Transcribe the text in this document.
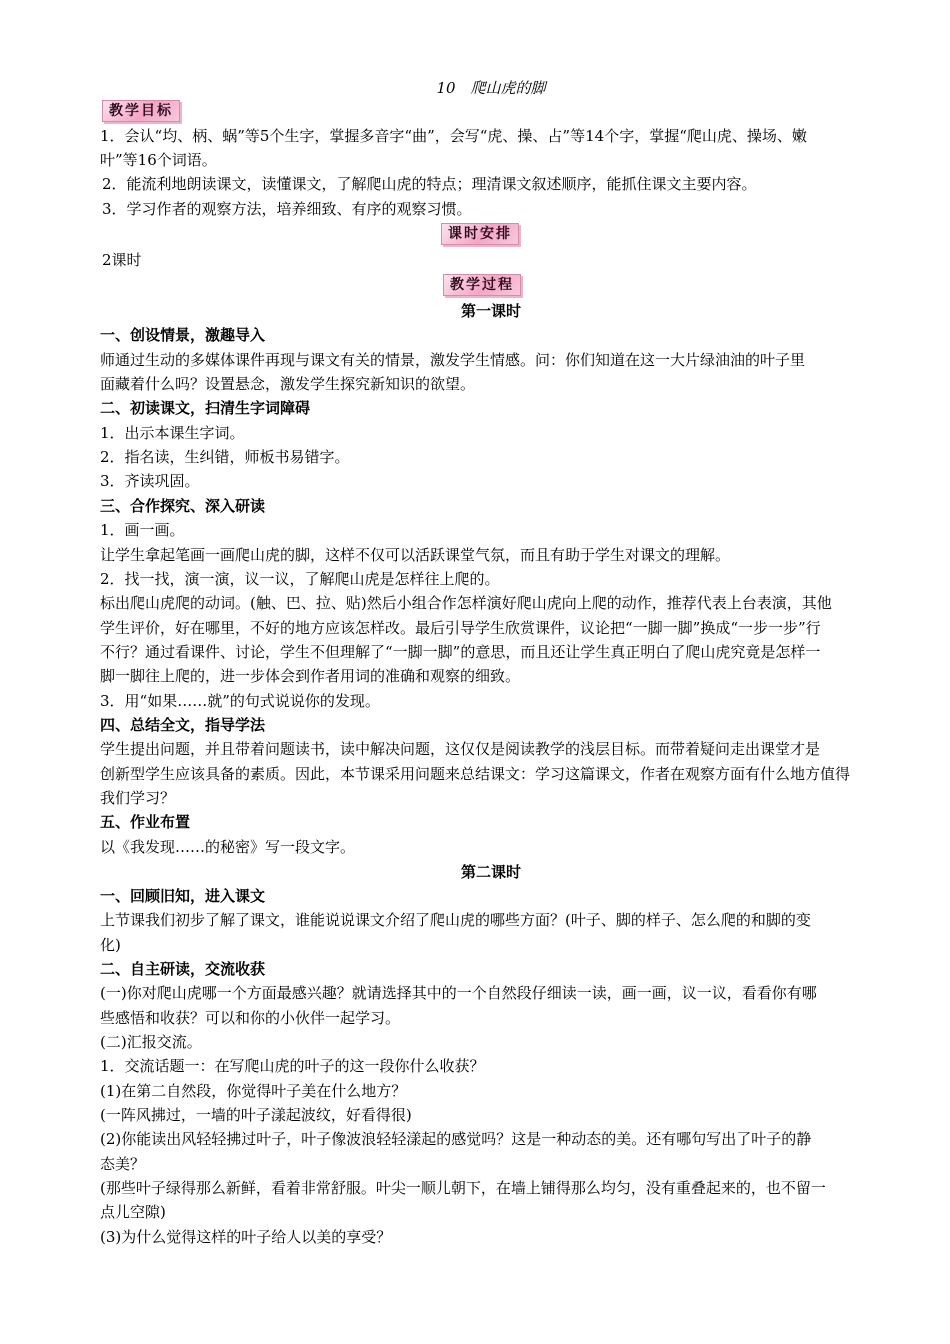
10　爬山虎的脚
教学目标
1．会认“均、柄、蜗”等5个生字，掌握多音字“曲”，会写“虎、操、占”等14个字，掌握“爬山虎、操场、嫩
叶”等16个词语。
2．能流利地朗读课文，读懂课文，了解爬山虎的特点；理清课文叙述顺序，能抓住课文主要内容。
3．学习作者的观察方法，培养细致、有序的观察习惯。
课时安排
2课时
教学过程
第一课时
一、创设情景，激趣导入
师通过生动的多媒体课件再现与课文有关的情景，激发学生情感。问：你们知道在这一大片绿油油的叶子里
面藏着什么吗？设置悬念，激发学生探究新知识的欲望。
二、初读课文，扫清生字词障碍
1．出示本课生字词。
2．指名读，生纠错，师板书易错字。
3．齐读巩固。
三、合作探究、深入研读
1．画一画。
让学生拿起笔画一画爬山虎的脚，这样不仅可以活跃课堂气氛，而且有助于学生对课文的理解。
2．找一找，演一演，议一议，了解爬山虎是怎样往上爬的。
标出爬山虎爬的动词。(触、巴、拉、贴)然后小组合作怎样演好爬山虎向上爬的动作，推荐代表上台表演，其他
学生评价，好在哪里，不好的地方应该怎样改。最后引导学生欣赏课件，议论把“一脚一脚”换成“一步一步”行
不行？通过看课件、讨论，学生不但理解了“一脚一脚”的意思，而且还让学生真正明白了爬山虎究竟是怎样一
脚一脚往上爬的，进一步体会到作者用词的准确和观察的细致。
3．用“如果……就”的句式说说你的发现。
四、总结全文，指导学法
学生提出问题，并且带着问题读书，读中解决问题，这仅仅是阅读教学的浅层目标。而带着疑问走出课堂才是
创新型学生应该具备的素质。因此，本节课采用问题来总结课文：学习这篇课文，作者在观察方面有什么地方值得
我们学习？
五、作业布置
以《我发现……的秘密》写一段文字。
第二课时
一、回顾旧知，进入课文
上节课我们初步了解了课文，谁能说说课文介绍了爬山虎的哪些方面？(叶子、脚的样子、怎么爬的和脚的变
化)
二、自主研读，交流收获
(一)你对爬山虎哪一个方面最感兴趣？就请选择其中的一个自然段仔细读一读，画一画，议一议，看看你有哪
些感悟和收获？可以和你的小伙伴一起学习。
(二)汇报交流。
1．交流话题一：在写爬山虎的叶子的这一段你什么收获？
(1)在第二自然段，你觉得叶子美在什么地方？
(一阵风拂过，一墙的叶子漾起波纹，好看得很)
(2)你能读出风轻轻拂过叶子，叶子像波浪轻轻漾起的感觉吗？这是一种动态的美。还有哪句写出了叶子的静
态美？
(那些叶子绿得那么新鲜，看着非常舒服。叶尖一顺儿朝下，在墙上铺得那么均匀，没有重叠起来的，也不留一
点儿空隙)
(3)为什么觉得这样的叶子给人以美的享受？
